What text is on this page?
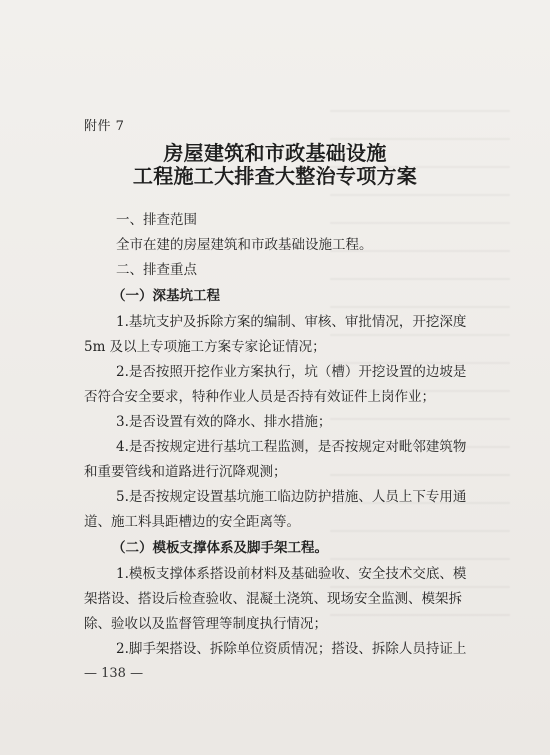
附件 7
房屋建筑和市政基础设施
工程施工大排查大整治专项方案
一、排查范围
全市在建的房屋建筑和市政基础设施工程。
二、排查重点
（一）深基坑工程
1.基坑支护及拆除方案的编制、审核、审批情况，开挖深度
5m 及以上专项施工方案专家论证情况；
2.是否按照开挖作业方案执行，坑（槽）开挖设置的边坡是
否符合安全要求，特种作业人员是否持有效证件上岗作业；
3.是否设置有效的降水、排水措施；
4.是否按规定进行基坑工程监测，是否按规定对毗邻建筑物
和重要管线和道路进行沉降观测；
5.是否按规定设置基坑施工临边防护措施、人员上下专用通
道、施工料具距槽边的安全距离等。
（二）模板支撑体系及脚手架工程。
1.模板支撑体系搭设前材料及基础验收、安全技术交底、模
架搭设、搭设后检查验收、混凝土浇筑、现场安全监测、模架拆
除、验收以及监督管理等制度执行情况；
2.脚手架搭设、拆除单位资质情况；搭设、拆除人员持证上
— 138 —
